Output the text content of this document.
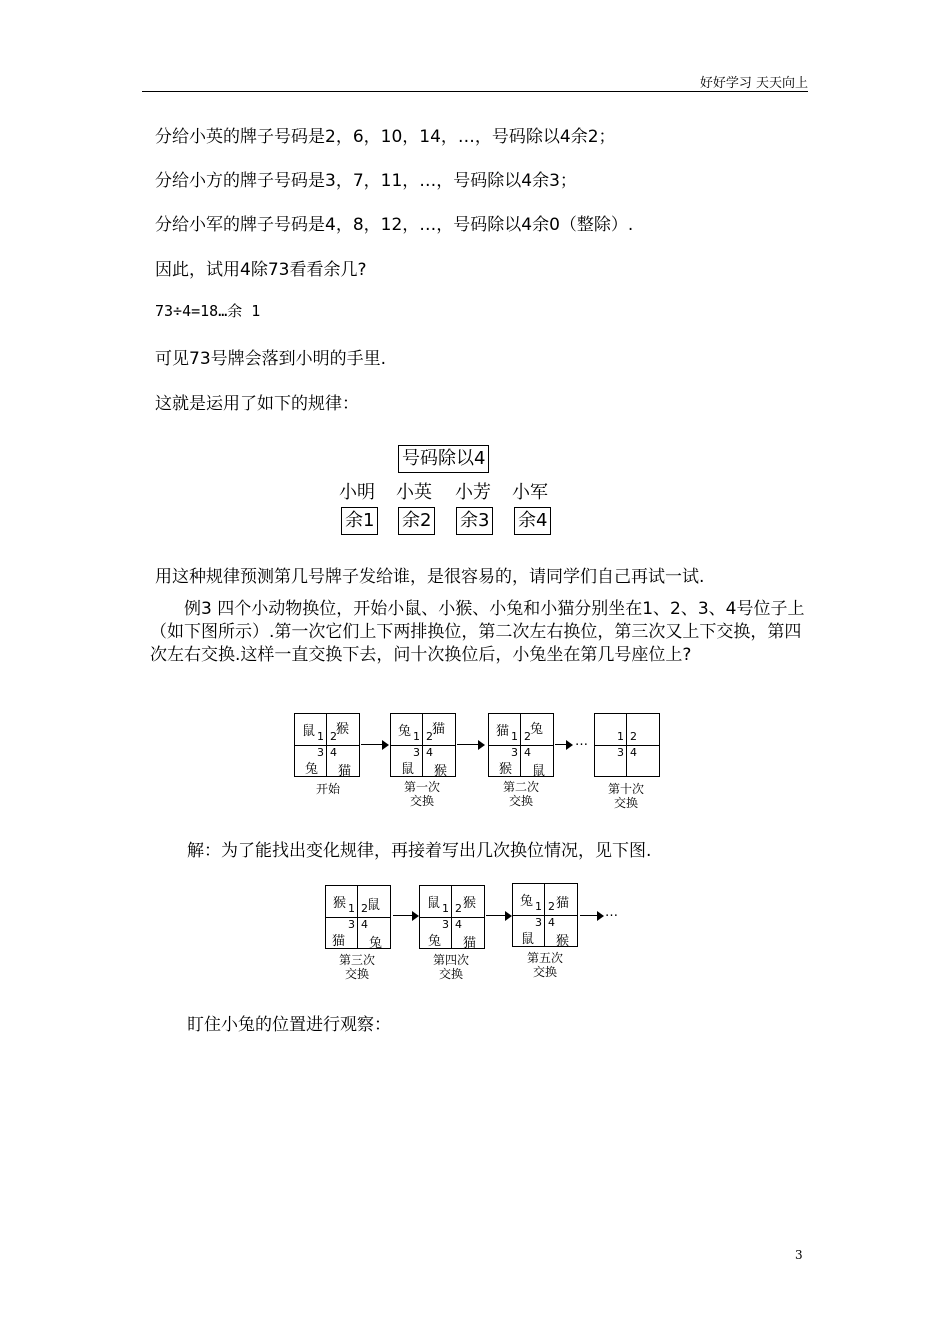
好好学习 天天向上
分给小英的牌子号码是2，6，10，14，…，号码除以4余2；
分给小方的牌子号码是3，7，11，…，号码除以4余3；
分给小军的牌子号码是4，8，12，…，号码除以4余0（整除）.
因此，试用4除73看看余几?
73÷4=18…余 1
可见73号牌会落到小明的手里.
这就是运用了如下的规律：
号码除以4
小明 小英 小芳 小军
余1 余2 余3 余4
用这种规律预测第几号牌子发给谁，是很容易的，请同学们自己再试一试.
例3 四个小动物换位，开始小鼠、小猴、小兔和小猫分别坐在1、2、3、4号位子上（如下图所示）.第一次它们上下两排换位，第二次左右换位，第三次又上下交换，第四次左右交换.这样一直交换下去，问十次换位后，小兔坐在第几号座位上?
鼠 猴
兔 猫
1 2
3 4
兔 猫
鼠 猴
1 2
3 4
猫 兔
猴 鼠
1 2
3 4
…	1 2
3 4
开始	第一次
交换
第二次
交换
第十次
交换
解：为了能找出变化规律，再接着写出几次换位情况，见下图.
猴 鼠
猫 兔
1 2
3 4
鼠 猴
兔 猫
1 2
3 4
兔 猫
鼠 猴
1 2
3 4
…
第三次
交换
第四次
交换
第五次
交换
盯住小兔的位置进行观察：
3
